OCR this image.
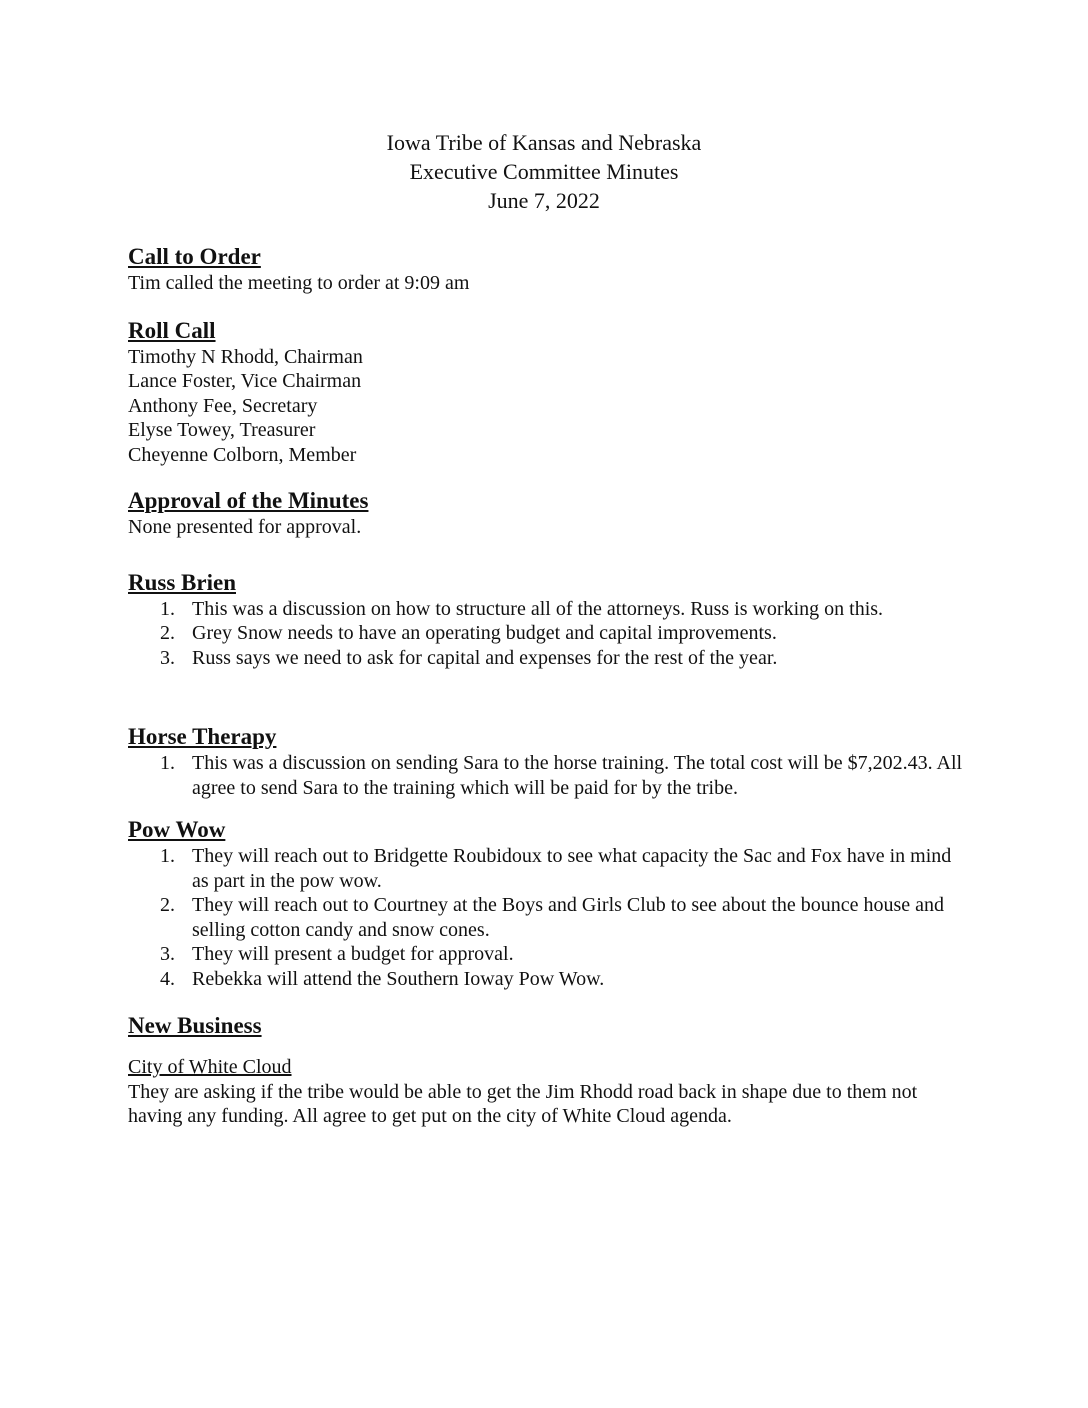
Iowa Tribe of Kansas and Nebraska
Executive Committee Minutes
June 7, 2022

Call to Order

Tim called the meeting to order at 9:09 am

Roll Call

Timothy N Rhodd, Chairman

Lance Foster, Vice Chairman

Anthony Fee, Secretary

Elyse Towey, Treasurer

Cheyenne Colborn, Member

Approval of the Minutes

None presented for approval.

Russ Brien

1. This was a discussion on how to structure all of the attorneys. Russ is working on this.
2. Grey Snow needs to have an operating budget and capital improvements.
3. Russ says we need to ask for capital and expenses for the rest of the year.

Horse Therapy

1. This was a discussion on sending Sara to the horse training. The total cost will be $7,202.43. All agree to send Sara to the training which will be paid for by the tribe.

Pow Wow

1. They will reach out to Bridgette Roubidoux to see what capacity the Sac and Fox have in mind as part in the pow wow.
2. They will reach out to Courtney at the Boys and Girls Club to see about the bounce house and selling cotton candy and snow cones.
3. They will present a budget for approval.
4. Rebekka will attend the Southern Ioway Pow Wow.

New Business

City of White Cloud

They are asking if the tribe would be able to get the Jim Rhodd road back in shape due to them not having any funding. All agree to get put on the city of White Cloud agenda.
